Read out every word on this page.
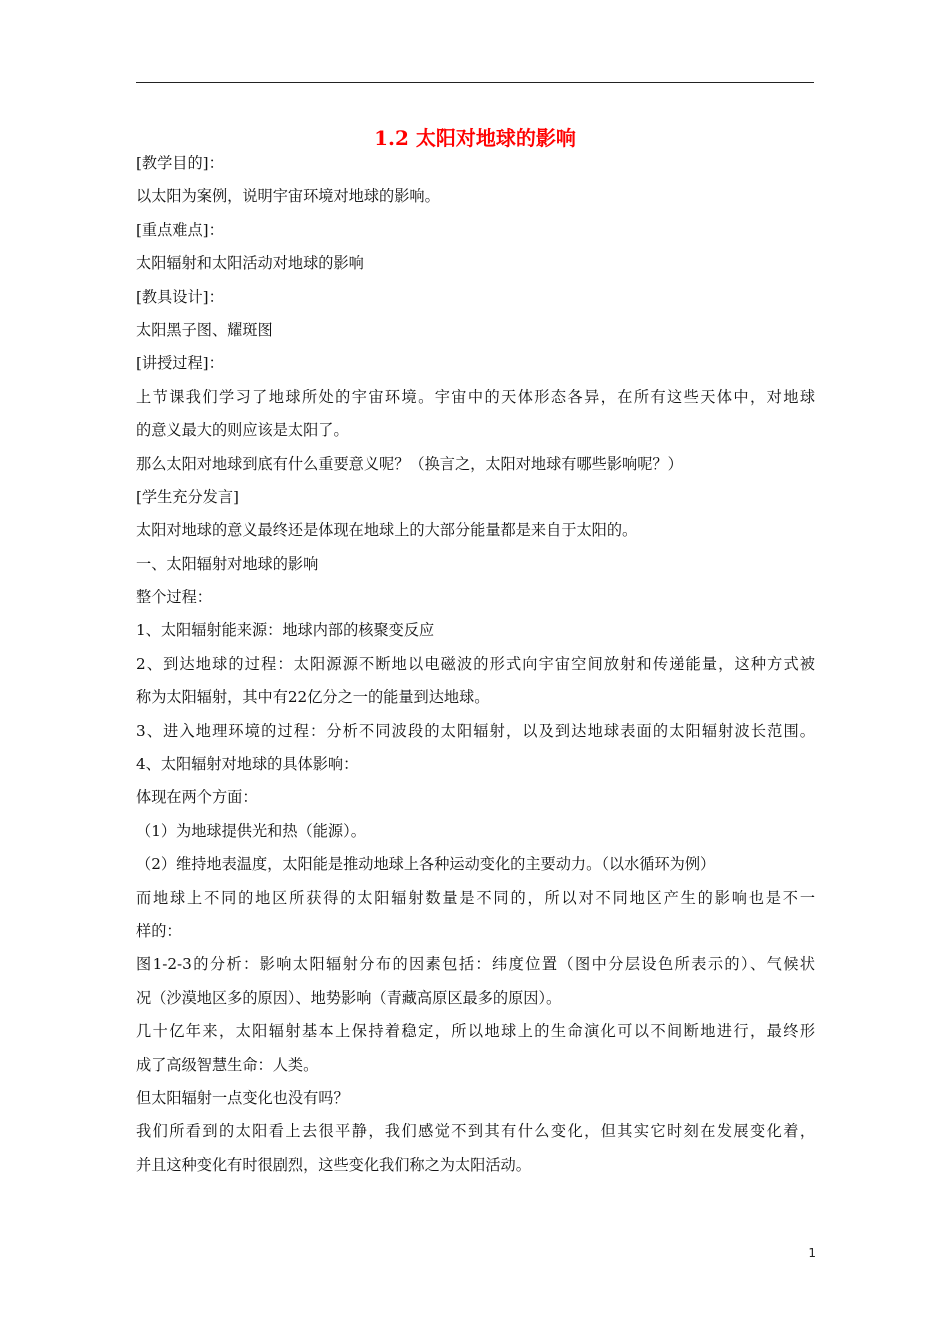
1.2 太阳对地球的影响

[教学目的]：

以太阳为案例，说明宇宙环境对地球的影响。

[重点难点]：

太阳辐射和太阳活动对地球的影响

[教具设计]：

太阳黑子图、耀斑图

[讲授过程]：

上节课我们学习了地球所处的宇宙环境。宇宙中的天体形态各异，在所有这些天体中，对地球

的意义最大的则应该是太阳了。

那么太阳对地球到底有什么重要意义呢？（换言之，太阳对地球有哪些影响呢？）

[学生充分发言]

太阳对地球的意义最终还是体现在地球上的大部分能量都是来自于太阳的。

一、太阳辐射对地球的影响

整个过程：

1、太阳辐射能来源：地球内部的核聚变反应

2、到达地球的过程：太阳源源不断地以电磁波的形式向宇宙空间放射和传递能量，这种方式被

称为太阳辐射，其中有22亿分之一的能量到达地球。

3、进入地理环境的过程：分析不同波段的太阳辐射，以及到达地球表面的太阳辐射波长范围。

4、太阳辐射对地球的具体影响：

体现在两个方面：

（1）为地球提供光和热（能源）。

（2）维持地表温度，太阳能是推动地球上各种运动变化的主要动力。（以水循环为例）

而地球上不同的地区所获得的太阳辐射数量是不同的，所以对不同地区产生的影响也是不一

样的：

图1-2-3的分析：影响太阳辐射分布的因素包括：纬度位置（图中分层设色所表示的）、气候状

况（沙漠地区多的原因）、地势影响（青藏高原区最多的原因）。

几十亿年来，太阳辐射基本上保持着稳定，所以地球上的生命演化可以不间断地进行，最终形

成了高级智慧生命：人类。

但太阳辐射一点变化也没有吗？

我们所看到的太阳看上去很平静，我们感觉不到其有什么变化，但其实它时刻在发展变化着，

并且这种变化有时很剧烈，这些变化我们称之为太阳活动。

1
